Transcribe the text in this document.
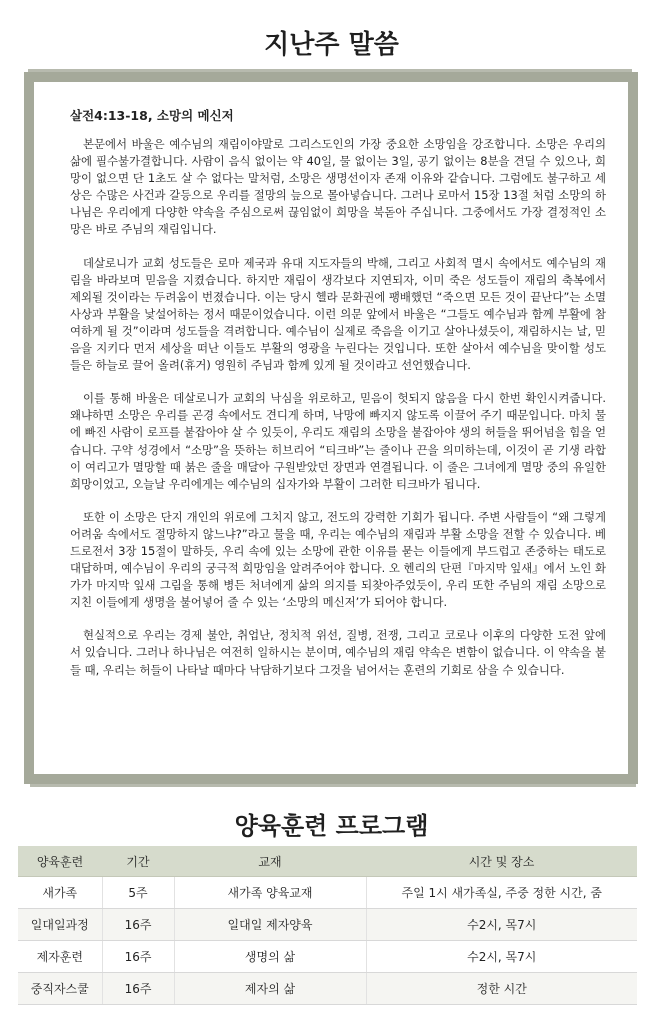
지난주 말씀

살전4:13-18, 소망의 메신저

본문에서 바울은 예수님의 재림이야말로 그리스도인의 가장 중요한 소망임을 강조합니다. 소망은 우리의 삶에 필수불가결합니다. 사람이 음식 없이는 약 40일, 물 없이는 3일, 공기 없이는 8분을 견딜 수 있으나, 희망이 없으면 단 1초도 살 수 없다는 말처럼, 소망은 생명선이자 존재 이유와 같습니다. 그럼에도 불구하고 세상은 수많은 사건과 갈등으로 우리를 절망의 늪으로 몰아넣습니다. 그러나 로마서 15장 13절 처럼 소망의 하나님은 우리에게 다양한 약속을 주심으로써 끊임없이 희망을 북돋아 주십니다. 그중에서도 가장 결정적인 소망은 바로 주님의 재림입니다.

데살로니가 교회 성도들은 로마 제국과 유대 지도자들의 박해, 그리고 사회적 멸시 속에서도 예수님의 재림을 바라보며 믿음을 지켰습니다. 하지만 재림이 생각보다 지연되자, 이미 죽은 성도들이 재림의 축복에서 제외될 것이라는 두려움이 번졌습니다. 이는 당시 헬라 문화권에 팽배했던 “죽으면 모든 것이 끝난다”는 소멸 사상과 부활을 낯설어하는 정서 때문이었습니다. 이런 의문 앞에서 바울은 “그들도 예수님과 함께 부활에 참여하게 될 것”이라며 성도들을 격려합니다. 예수님이 실제로 죽음을 이기고 살아나셨듯이, 재림하시는 날, 믿음을 지키다 먼저 세상을 떠난 이들도 부활의 영광을 누린다는 것입니다. 또한 살아서 예수님을 맞이할 성도들은 하늘로 끌어 올려(휴거) 영원히 주님과 함께 있게 될 것이라고 선언했습니다.

이를 통해 바울은 데살로니가 교회의 낙심을 위로하고, 믿음이 헛되지 않음을 다시 한번 확인시켜줍니다. 왜냐하면 소망은 우리를 곤경 속에서도 견디게 하며, 낙망에 빠지지 않도록 이끌어 주기 때문입니다. 마치 물에 빠진 사람이 로프를 붙잡아야 살 수 있듯이, 우리도 재림의 소망을 붙잡아야 생의 허들을 뛰어넘을 힘을 얻습니다. 구약 성경에서 “소망”을 뜻하는 히브리어 “티크바”는 줄이나 끈을 의미하는데, 이것이 곧 기생 라합이 여리고가 멸망할 때 붉은 줄을 매달아 구원받았던 장면과 연결됩니다. 이 줄은 그녀에게 멸망 중의 유일한 희망이었고, 오늘날 우리에게는 예수님의 십자가와 부활이 그러한 티크바가 됩니다.

또한 이 소망은 단지 개인의 위로에 그치지 않고, 전도의 강력한 기회가 됩니다. 주변 사람들이 “왜 그렇게 어려움 속에서도 절망하지 않느냐?”라고 물을 때, 우리는 예수님의 재림과 부활 소망을 전할 수 있습니다. 베드로전서 3장 15절이 말하듯, 우리 속에 있는 소망에 관한 이유를 묻는 이들에게 부드럽고 존중하는 태도로 대답하며, 예수님이 우리의 궁극적 희망임을 알려주어야 합니다. 오 헨리의 단편『마지막 잎새』에서 노인 화가가 마지막 잎새 그림을 통해 병든 처녀에게 삶의 의지를 되찾아주었듯이, 우리 또한 주님의 재림 소망으로 지친 이들에게 생명을 불어넣어 줄 수 있는 ‘소망의 메신저’가 되어야 합니다.

현실적으로 우리는 경제 불안, 취업난, 정치적 위선, 질병, 전쟁, 그리고 코로나 이후의 다양한 도전 앞에 서 있습니다. 그러나 하나님은 여전히 일하시는 분이며, 예수님의 재림 약속은 변함이 없습니다. 이 약속을 붙들 때, 우리는 허들이 나타날 때마다 낙담하기보다 그것을 넘어서는 훈련의 기회로 삼을 수 있습니다.

양육훈련 프로그램
양육훈련	기간	교재	시간 및 장소
새가족	5주	새가족 양육교재	주일 1시 새가족실, 주중 정한 시간, 줌
일대일과정	16주	일대일 제자양육	수2시, 목7시
제자훈련	16주	생명의 삶	수2시, 목7시
중직자스쿨	16주	제자의 삶	정한 시간
